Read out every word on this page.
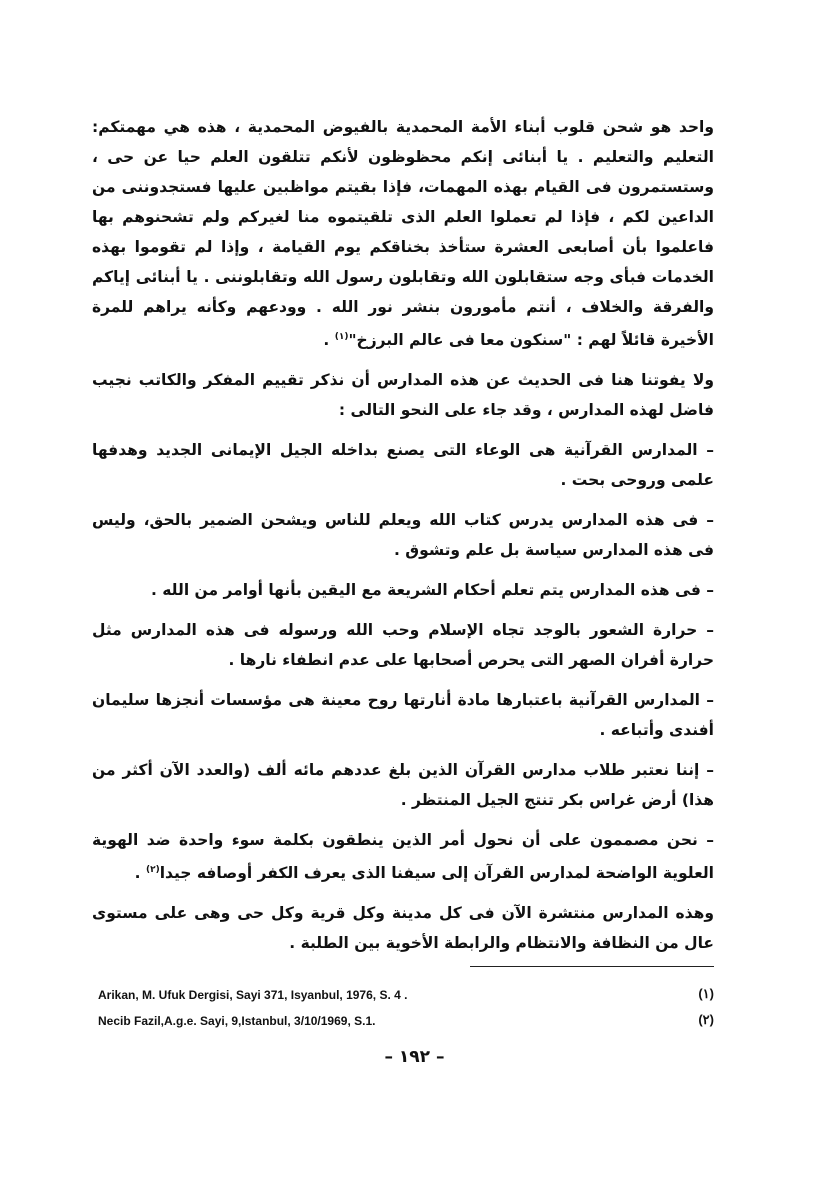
واحد هو شحن قلوب أبناء الأمة المحمدية بالفيوض المحمدية ، هذه هي مهمتكم: التعليم والتعليم . يا أبنائى إنكم محظوظون لأنكم تتلقون العلم حيا عن حى ، وستستمرون فى القيام بهذه المهمات، فإذا بقيتم مواظبين عليها فستجدوننى من الداعين لكم ، فإذا لم تعملوا العلم الذى تلقيتموه منا لغيركم ولم تشحنوهم بها فاعلموا بأن أصابعى العشرة ستأخذ بخناقكم يوم القيامة ، وإذا لم تقوموا بهذه الخدمات فبأى وجه ستقابلون الله وتقابلون رسول الله وتقابلوننى . يا أبنائى إياكم والفرقة والخلاف ، أنتم مأمورون بنشر نور الله . وودعهم وكأنه يراهم للمرة الأخيرة قائلاً لهم : "سنكون معا فى عالم البرزخ"$^{(١)}$ .

ولا يفوتنا هنا فى الحديث عن هذه المدارس أن نذكر تقييم المفكر والكاتب نجيب فاضل لهذه المدارس ، وقد جاء على النحو التالى :

– المدارس القرآنية هى الوعاء التى يصنع بداخله الجيل الإيمانى الجديد وهدفها علمى وروحى بحت .

– فى هذه المدارس يدرس كتاب الله ويعلم للناس ويشحن الضمير بالحق، وليس فى هذه المدارس سياسة بل علم وتشوق .

– فى هذه المدارس يتم تعلم أحكام الشريعة مع اليقين بأنها أوامر من الله .

– حرارة الشعور بالوجد تجاه الإسلام وحب الله ورسوله فى هذه المدارس مثل حرارة أفران الصهر التى يحرص أصحابها على عدم انطفاء نارها .

– المدارس القرآنية باعتبارها مادة أنارتها روح معينة هى مؤسسات أنجزها سليمان أفندى وأتباعه .

– إننا نعتبر طلاب مدارس القرآن الذين بلغ عددهم مائه ألف (والعدد الآن أكثر من هذا) أرض غراس بكر تنتج الجيل المنتظر .

– نحن مصممون على أن نحول أمر الذين ينطقون بكلمة سوء واحدة ضد الهوية العلوية الواضحة لمدارس القرآن إلى سيفنا الذى يعرف الكفر أوصافه جيدا$^{(٢)}$ .

وهذه المدارس منتشرة الآن فى كل مدينة وكل قرية وكل حى وهى على مستوى عال من النظافة والانتظام والرابطة الأخوية بين الطلبة .

Arikan, M. Ufuk Dergisi, Sayi 371, Isyanbul, 1976, S. 4 .	(١)
Necib Fazil,A.g.e. Sayi, 9,Istanbul, 3/10/1969, S.1.	(٢)
– ١٩٢ –
